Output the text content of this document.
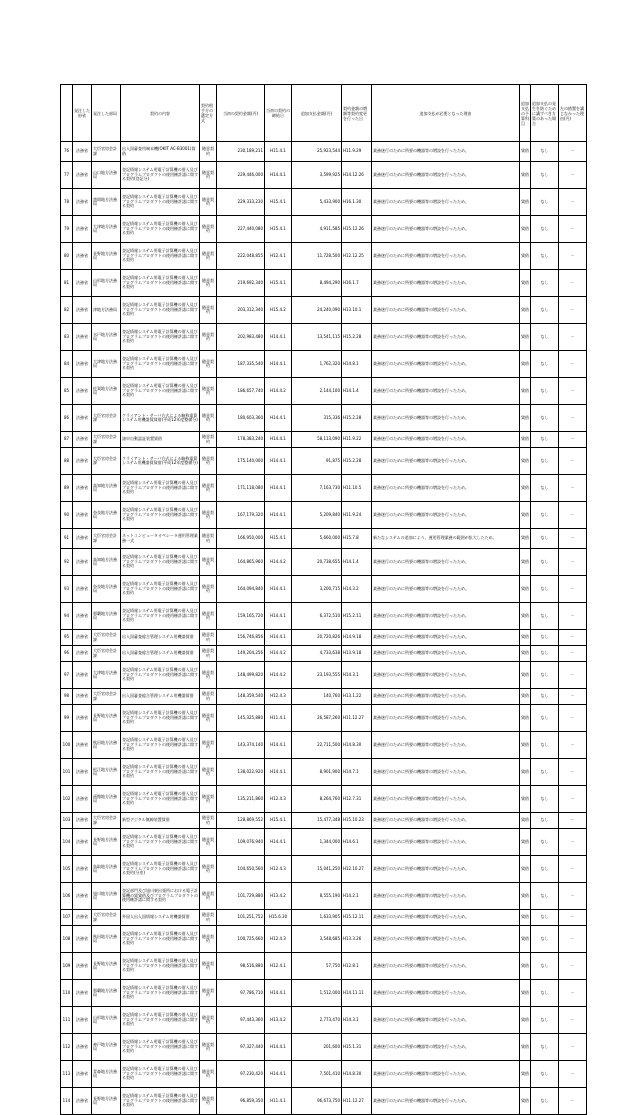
	発注した府省	発注した部局	契約の内容	契約相手方の選定方式	当初の契約金額(円)	当初の契約の締結日	追加支払金額(円)	契約金額の増額等契約変更を行った日	追加支払が必要となった理由	追加支払の予算科目	追加支払の発生を防ぐために講ずべき方策のあった場合	左の措置を講じなかった理由(円)
76	法務省	大臣官房会計課	出入国審査用端末機(OKIT AC-B3001)賃借	随意契約	230,189,211	H11.4.1	25,923,544	H11.9.29	業務遂行のために所要の機器等の増設を行ったため。	貸借	なし	－
77	法務省	山口地方法務局	登記情報システム用電子計算機の借入及びプログラムプロダクトの使用権許諾に関する契約(登記分)	随意契約	229,446,000	H14.4.1	3,599,925	H14.12.26	業務遂行のために所要の機器等の増設を行ったため。	貸借	なし	－
78	法務省	盛岡地方法務局	登記情報システム用電子計算機の借入及びプログラムプロダクトの使用権許諾に関する契約	随意契約	229,333,230	H15.4.1	5,433,900	H16.1.30	業務遂行のために所要の機器等の増設を行ったため。	貸借	なし	－
79	法務省	大津地方法務局	登記情報システム用電子計算機の借入及びプログラムプロダクトの使用権許諾に関する契約	随意契約	227,440,080	H15.4.1	4,911,585	H15.12.26	業務遂行のために所要の機器等の増設を行ったため。	貸借	なし	－
80	法務省	長野地方法務局	登記情報システム用電子計算機の借入及びプログラムプロダクトの使用権許諾に関する契約	随意契約	222,048,855	H12.4.1	11,728,500	H12.12.25	業務遂行のために所要の機器等の増設を行ったため。	貸借	なし	－
81	法務省	山形地方法務局	登記情報システム用電子計算機の借入及びプログラムプロダクトの使用権許諾に関する契約	随意契約	219,692,340	H15.4.1	8,494,290	H16.1.7	業務遂行のために所要の機器等の増設を行ったため。	貸借	なし	－
82	法務省	津地方法務局	登記情報システム用電子計算機の借入及びプログラムプロダクトの使用権許諾に関する契約	随意契約	203,312,340	H15.4.2	24,240,090	H13.10.1	業務遂行のために所要の機器等の増設を行ったため。	貸借	なし	－
83	法務省	水戸地方法務局	登記情報システム用電子計算機の借入及びプログラムプロダクトの使用権許諾に関する契約	随意契約	202,983,480	H14.4.1	13,541,115	H15.2.28	業務遂行のために所要の機器等の増設を行ったため。	貸借	なし	－
84	法務省	大津地方法務局	登記情報システム用電子計算機の借入及びプログラムプロダクトの使用権許諾に関する契約	随意契約	187,335,540	H14.4.1	1,762,320	H14.8.1	業務遂行のために所要の機器等の増設を行ったため。	貸借	なし	－
85	法務省	佐賀地方法務局	登記情報システム用電子計算機の借入及びプログラムプロダクトの使用権許諾に関する契約	随意契約	186,657,740	H14.4.2	2,144,100	H14.1.4	業務遂行のために所要の機器等の増設を行ったため。	貸借	なし	－
86	法務省	大臣官房会計課	クライアント・サーバ方式による略称電算システム用機器賃貸借(平成12年度整備分)	随意契約	180,603,360	H14.4.1	315,336	H15.2.28	業務遂行のために所要の機器等の増設を行ったため。	貸借	なし	－
87	法務省	大臣官房会計課	諸申自動認証装置賃借	随意契約	178,383,240	H14.4.1	58,113,090	H11.9.22	業務遂行のために所要の機器等の増設を行ったため。	貸借	なし	－
88	法務省	大臣官房会計課	クライアント・サーバ方式による略称電算システム用機器賃貸借(平成12年度整備分)	随意契約	175,140,000	H14.4.1	91,875	H15.2.28	業務遂行のために所要の機器等の増設を行ったため。	貸借	なし	－
89	法務省	高知地方法務局	登記情報システム用電子計算機の借入及びプログラムプロダクトの使用権許諾に関する契約	随意契約	171,118,080	H14.4.1	7,163,730	H11.10.5	業務遂行のために所要の機器等の増設を行ったため。	貸借	なし	－
90	法務省	奈良地方法務局	登記情報システム用電子計算機の借入及びプログラムプロダクトの使用権許諾に関する契約	随意契約	167,179,320	H14.4.1	5,209,840	H11.9.24	業務遂行のために所要の機器等の増設を行ったため。	貸借	なし	－
91	法務省	大臣官房会計課	ネットコンピュータオペレータ運用管理業務一式	随意契約	166,950,000	H15.4.1	5,660,000	H15.7.8	新たなシステムの追加により、運用管理業務の範囲が拡大したため。	貸借	なし	－
92	法務省	高知地方法務局	登記情報システム用電子計算機の借入及びプログラムプロダクトの使用権許諾に関する契約	随意契約	164,865,960	H14.4.2	20,738,655	H14.1.4	業務遂行のために所要の機器等の増設を行ったため。	貸借	なし	－
93	法務省	奈良地方法務局	登記情報システム用電子計算機の借入及びプログラムプロダクトの使用権許諾に関する契約	随意契約	164,094,840	H14.4.1	3,200,715	H14.3.2	業務遂行のために所要の機器等の増設を行ったため。	貸借	なし	－
94	法務省	那覇地方法務局	登記情報システム用電子計算機の借入及びプログラムプロダクトの使用権許諾に関する契約	随意契約	159,165,720	H14.4.1	6,372,510	H15.2.11	業務遂行のために所要の機器等の増設を行ったため。	貸借	なし	－
95	法務省	大臣官房会計課	出入国審査総合管理システム用機器賃借	随意契約	156,746,856	H14.4.1	20,720,826	H14.9.18	業務遂行のために所要の機器等の増設を行ったため。	貸借	なし	－
96	法務省	大臣官房会計課	出入国審査総合管理システム用機器賃借	随意契約	149,204,256	H14.4.2	4,733,638	H13.9.18	業務遂行のために所要の機器等の増設を行ったため。	貸借	なし	－
97	法務省	大津地方法務局	登記情報システム用電子計算機の借入及びプログラムプロダクトの使用権許諾に関する契約	随意契約	148,499,820	H14.4.2	23,193,555	H14.3.1	業務遂行のために所要の機器等の増設を行ったため。	貸借	なし	－
98	法務省	大臣官房会計課	出入国審査総合管理システム用機器賃借	随意契約	148,359,540	H12.4.3	140,760	H13.1.22	業務遂行のために所要の機器等の増設を行ったため。	貸借	なし	－
99	法務省	長野地方法務局	登記情報システム用電子計算機の借入及びプログラムプロダクトの使用権許諾に関する契約	随意契約	145,325,880	H11.4.1	26,587,260	H11.12.27	業務遂行のために所要の機器等の増設を行ったため。	貸借	なし	－
100	法務省	秋田地方法務局	登記情報システム用電子計算機の借入及びプログラムプロダクトの使用権許諾に関する契約	随意契約	143,374,140	H14.4.1	22,711,500	H14.8.30	業務遂行のために所要の機器等の増設を行ったため。	貸借	なし	－
101	法務省	松江地方法務局	登記情報システム用電子計算機の借入及びプログラムプロダクトの使用権許諾に関する契約	随意契約	138,022,920	H14.4.1	8,901,900	H14.7.1	業務遂行のために所要の機器等の増設を行ったため。	貸借	なし	－
102	法務省	函館地方法務局	登記情報システム用電子計算機の借入及びプログラムプロダクトの使用権許諾に関する契約	随意契約	135,211,860	H12.4.3	8,264,760	H12.7.31	業務遂行のために所要の機器等の増設を行ったため。	貸借	なし	－
103	法務省	大臣官房会計課	新型デジタル無線装置賃借	随意契約	128,869,552	H15.4.1	15,477,348	H15.10.23	業務遂行のために所要の機器等の増設を行ったため。	貸借	なし	－
104	法務省	長野地方法務局	登記情報システム用電子計算機の借入及びプログラムプロダクトの使用権許諾に関する契約	随意契約	109,076,940	H14.4.1	1,344,000	H14.6.1	業務遂行のために所要の機器等の増設を行ったため。	貸借	なし	－
105	法務省	鳥取地方法務局	登記情報システム用電子計算機の借入及びプログラムプロダクトの使用権許諾に関する契約(分室)	随意契約	104,650,560	H12.4.3	15,041,250	H12.10.27	業務遂行のために所要の機器等の増設を行ったため。	貸借	なし	－
106	法務省	旭川地方法務局	登記部門及び旭川東出張所における電子計算機の賃貸借及びプログラムプロダクトの使用権許諾に関する契約	随意契約	101,729,880	H13.4.2	8,555,190	H14.2.1	業務遂行のために所要の機器等の増設を行ったため。	貸借	なし	－
107	法務省	大臣官房会計課	外国人出入国情報システム用機器賃借	随意契約	101,251,752	H15.6.30	1,633,905	H15.12.11	業務遂行のために所要の機器等の増設を行ったため。	貸借	なし	－
108	法務省	秋田地方法務局	登記情報システム用電子計算機の借入及びプログラムプロダクトの使用権許諾に関する契約	随意契約	100,725,660	H12.4.3	3,548,685	H13.3.26	業務遂行のために所要の機器等の増設を行ったため。	貸借	なし	－
109	法務省	長野地方法務局	登記情報システム用電子計算機の借入及びプログラムプロダクトの使用権許諾に関する契約	随意契約	98,516,880	H12.4.1	57,750	H12.8.1	業務遂行のために所要の機器等の増設を行ったため。	貸借	なし	－
110	法務省	那覇地方法務局	登記情報システム用電子計算機の借入及びプログラムプロダクトの使用権許諾に関する契約	随意契約	97,786,710	H14.4.1	1,512,000	H14.11.11	業務遂行のために所要の機器等の増設を行ったため。	貸借	なし	－
111	法務省	山形地方法務局	登記情報システム用電子計算機の借入及びプログラムプロダクトの使用権許諾に関する契約	随意契約	97,443,360	H13.4.2	2,773,470	H14.3.1	業務遂行のために所要の機器等の増設を行ったため。	貸借	なし	－
112	法務省	神戸地方法務局	登記情報システム用電子計算機の借入及びプログラムプロダクトの使用権許諾に関する契約	随意契約	97,327,440	H14.4.1	201,600	H15.1.31	業務遂行のために所要の機器等の増設を行ったため。	貸借	なし	－
113	法務省	青森地方法務局	登記情報システム用電子計算機の借入及びプログラムプロダクトの使用権許諾に関する契約	随意契約	97,230,420	H14.4.1	7,501,410	H14.8.30	業務遂行のために所要の機器等の増設を行ったため。	貸借	なし	－
114	法務省	長野地方法務局	登記情報システム用電子計算機の借入及びプログラムプロダクトの使用権許諾に関する契約	随意契約	96,859,350	H11.4.1	96,673,750	H11.12.27	業務遂行のために所要の機器等の増設を行ったため。	貸借	なし	－
